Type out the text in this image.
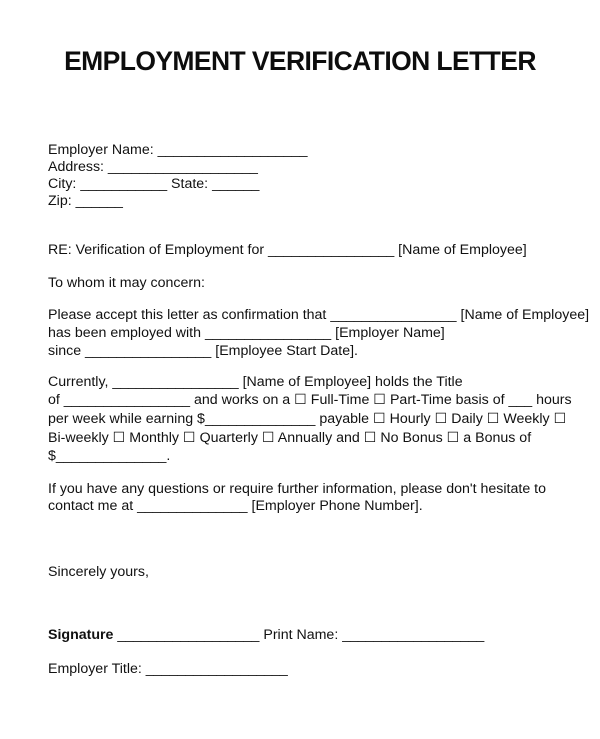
EMPLOYMENT VERIFICATION LETTER
Employer Name: ___________________
Address: ___________________
City: ___________ State: ______
Zip: ______
RE: Verification of Employment for ________________ [Name of Employee]
To whom it may concern:
Please accept this letter as confirmation that ________________ [Name of Employee]
has been employed with ________________ [Employer Name]
since ________________ [Employee Start Date].
Currently, ________________ [Name of Employee] holds the Title
of ________________ and works on a ☐ Full-Time ☐ Part-Time basis of ___ hours
per week while earning $______________ payable ☐ Hourly ☐ Daily ☐ Weekly ☐
Bi-weekly ☐ Monthly ☐ Quarterly ☐ Annually and ☐ No Bonus ☐ a Bonus of
$______________.
If you have any questions or require further information, please don't hesitate to
contact me at ______________ [Employer Phone Number].
Sincerely yours,
Signature __________________ Print Name: __________________
Employer Title: __________________
